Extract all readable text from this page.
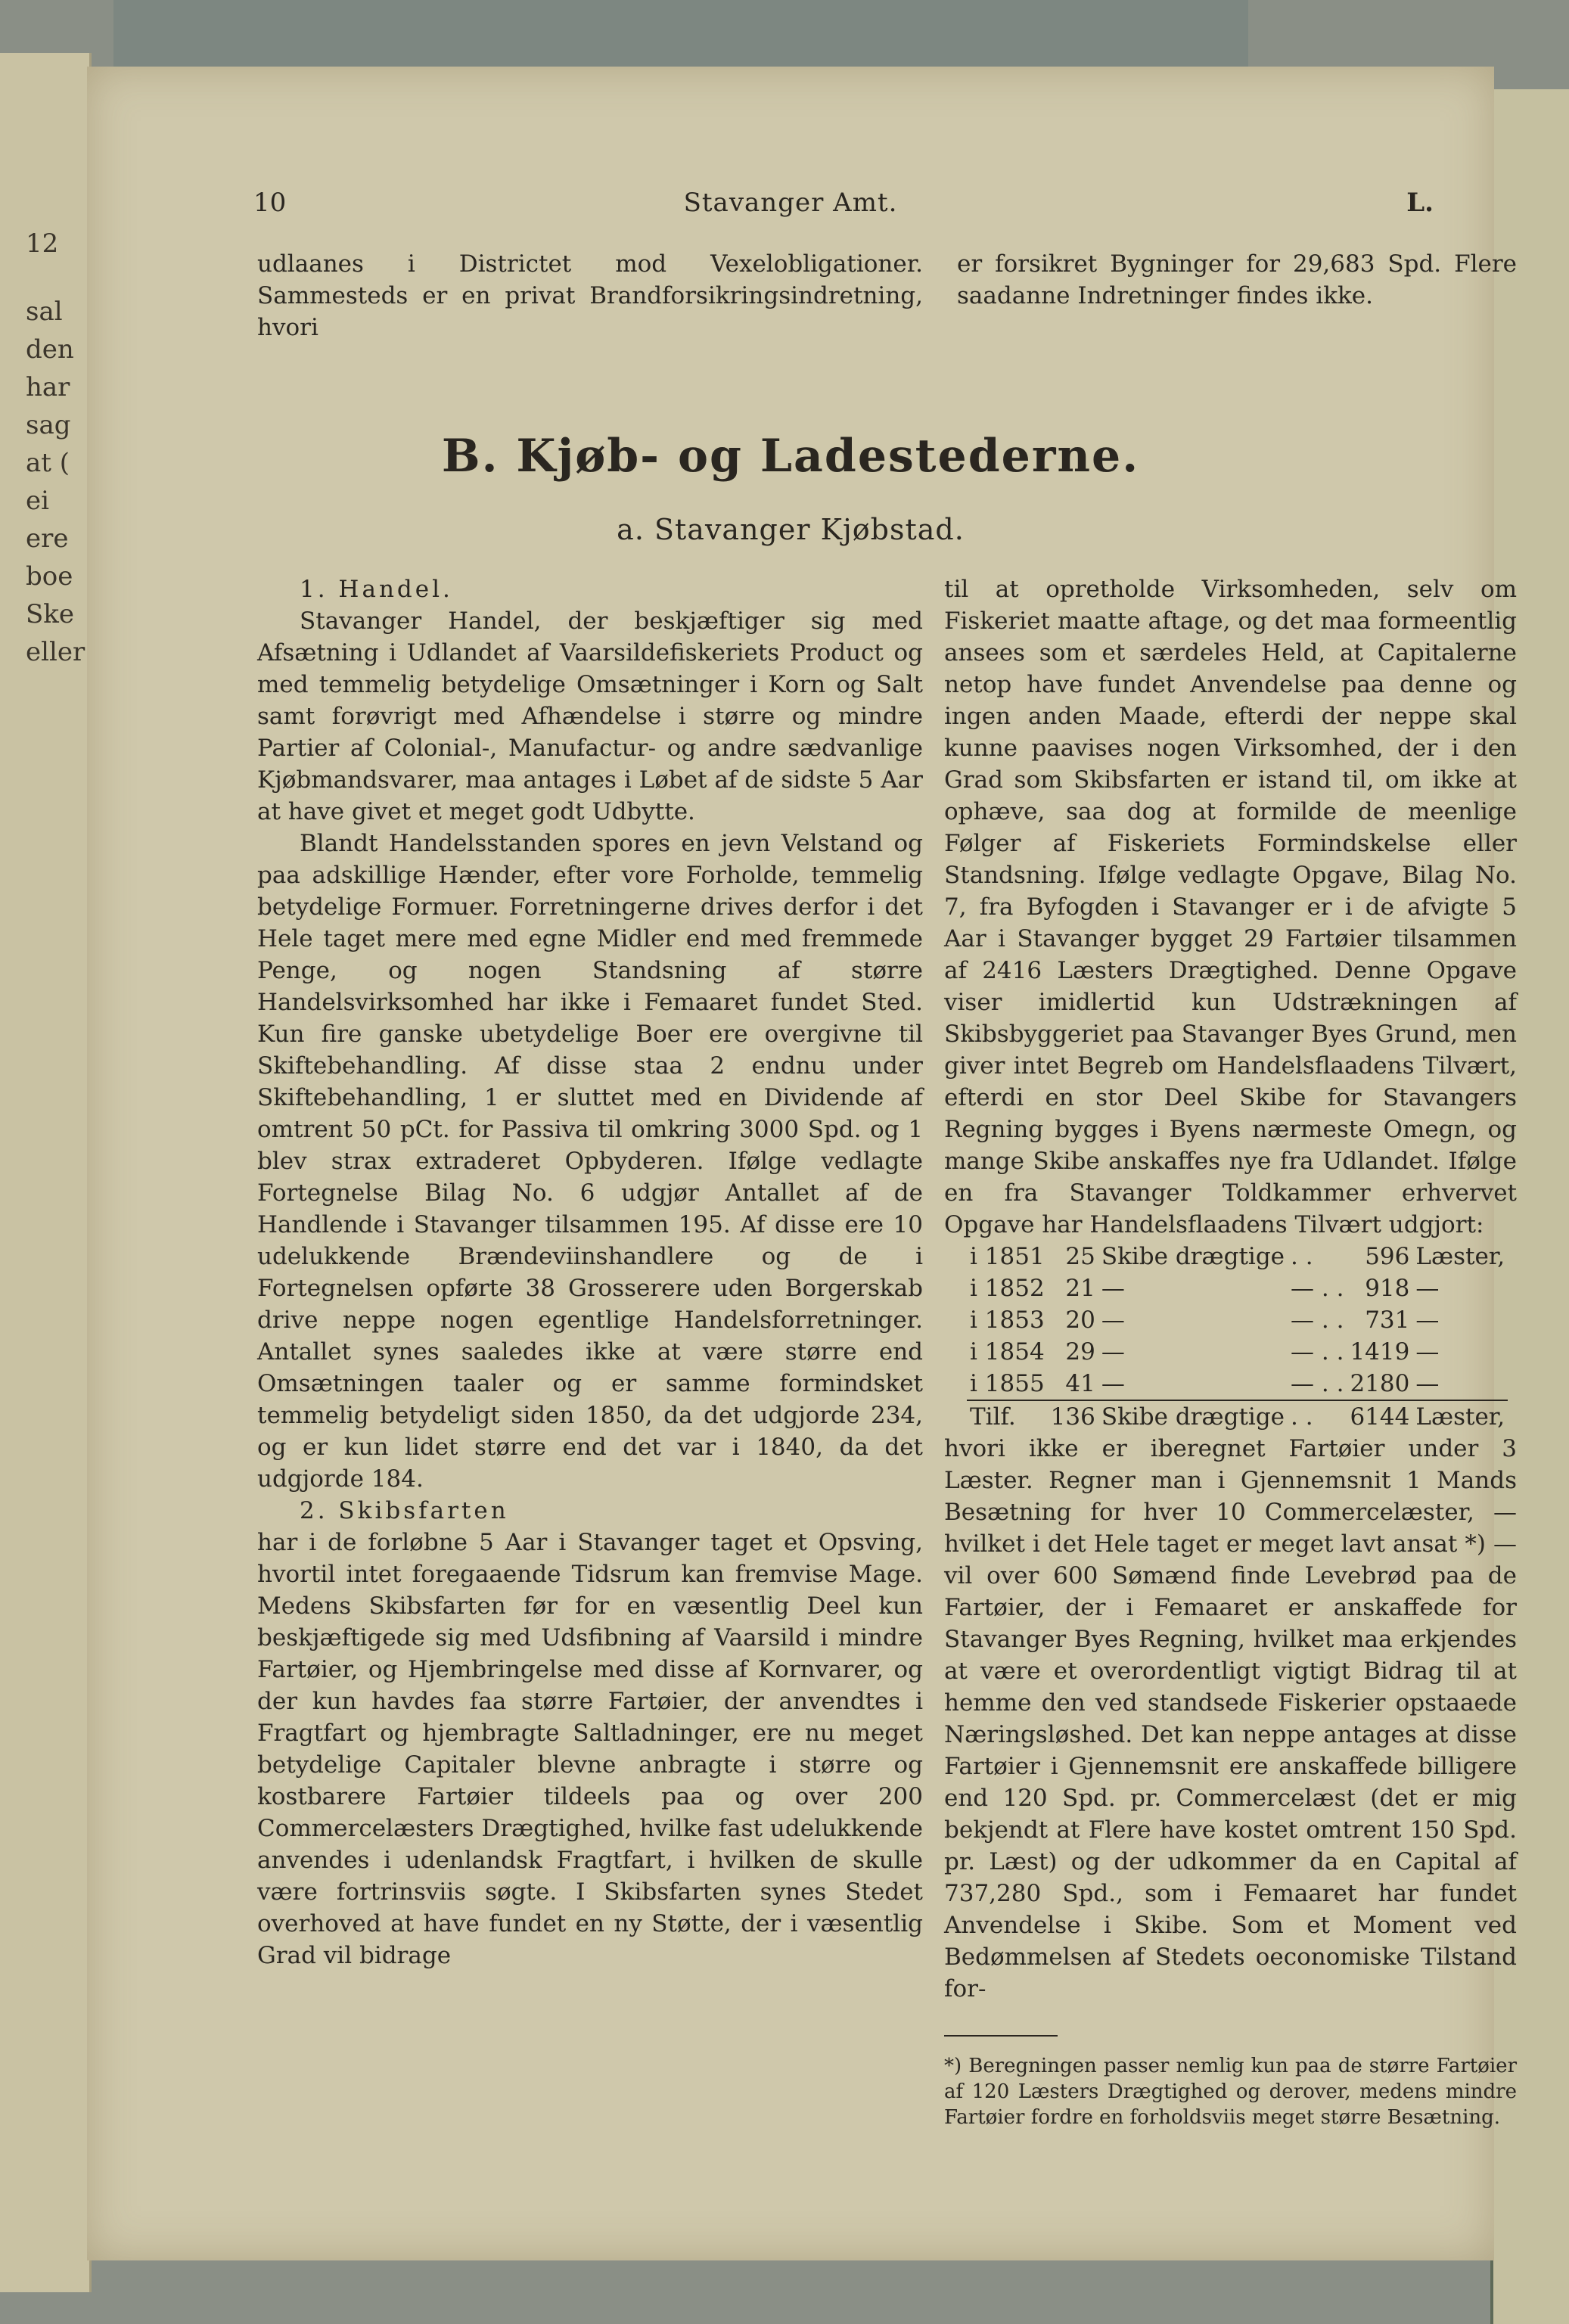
12
sal
den
har
sag
at (
ei
ere
boe
Ske
eller
10	Stavanger Amt.	L.

udlaanes i Districtet mod Vexelobligationer. Sammesteds er en privat Brandforsikringsindretning, hvori

er forsikret Bygninger for 29,683 Spd. Flere saadanne Indretninger findes ikke.

B. Kjøb- og Ladestederne.
a. Stavanger Kjøbstad.

1. Handel.

Stavanger Handel, der beskjæftiger sig med Afsætning i Udlandet af Vaarsildefiskeriets Product og med temmelig betydelige Omsætninger i Korn og Salt samt forøvrigt med Afhændelse i større og mindre Partier af Colonial-, Manufactur- og andre sædvanlige Kjøbmandsvarer, maa antages i Løbet af de sidste 5 Aar at have givet et meget godt Udbytte.

Blandt Handelsstanden spores en jevn Velstand og paa adskillige Hænder, efter vore Forholde, temmelig betydelige Formuer. Forretningerne drives derfor i det Hele taget mere med egne Midler end med fremmede Penge, og nogen Standsning af større Handelsvirksomhed har ikke i Femaaret fundet Sted. Kun fire ganske ubetydelige Boer ere overgivne til Skiftebehandling. Af disse staa 2 endnu under Skiftebehandling, 1 er sluttet med en Dividende af omtrent 50 pCt. for Passiva til omkring 3000 Spd. og 1 blev strax extraderet Opbyderen. Ifølge vedlagte Fortegnelse Bilag No. 6 udgjør Antallet af de Handlende i Stavanger tilsammen 195. Af disse ere 10 udelukkende Brændeviinshandlere og de i Fortegnelsen opførte 38 Grosserere uden Borgerskab drive neppe nogen egentlige Handelsforretninger. Antallet synes saaledes ikke at være større end Omsætningen taaler og er samme formindsket temmelig betydeligt siden 1850, da det udgjorde 234, og er kun lidet større end det var i 1840, da det udgjorde 184.

2. Skibsfarten

har i de forløbne 5 Aar i Stavanger taget et Opsving, hvortil intet foregaaende Tidsrum kan fremvise Mage. Medens Skibsfarten før for en væsentlig Deel kun beskjæftigede sig med Udsfibning af Vaarsild i mindre Fartøier, og Hjembringelse med disse af Kornvarer, og der kun havdes faa større Fartøier, der anvendtes i Fragtfart og hjembragte Saltladninger, ere nu meget betydelige Capitaler blevne anbragte i større og kostbarere Fartøier tildeels paa og over 200 Commercelæsters Drægtighed, hvilke fast udelukkende anvendes i udenlandsk Fragtfart, i hvilken de skulle være fortrinsviis søgte. I Skibsfarten synes Stedet overhoved at have fundet en ny Støtte, der i væsentlig Grad vil bidrage

til at opretholde Virksomheden, selv om Fiskeriet maatte aftage, og det maa formeentlig ansees som et særdeles Held, at Capitalerne netop have fundet Anvendelse paa denne og ingen anden Maade, efterdi der neppe skal kunne paavises nogen Virksomhed, der i den Grad som Skibsfarten er istand til, om ikke at ophæve, saa dog at formilde de meenlige Følger af Fiskeriets Formindskelse eller Standsning. Ifølge vedlagte Opgave, Bilag No. 7, fra Byfogden i Stavanger er i de afvigte 5 Aar i Stavanger bygget 29 Fartøier tilsammen af 2416 Læsters Drægtighed. Denne Opgave viser imidlertid kun Udstrækningen af Skibsbyggeriet paa Stavanger Byes Grund, men giver intet Begreb om Handelsflaadens Tilvært, efterdi en stor Deel Skibe for Stavangers Regning bygges i Byens nærmeste Omegn, og mange Skibe anskaffes nye fra Udlandet. Ifølge en fra Stavanger Toldkammer erhvervet Opgave har Handelsflaadens Tilvært udgjort:

i 1851	25	Skibe drægtige	. .	596	Læster,
i 1852	21	—	— . .	918	—
i 1853	20	—	— . .	731	—
i 1854	29	—	— . .	1419	—
i 1855	41	—	— . .	2180	—
Tilf.	136	Skibe drægtige	. .	6144	Læster,

hvori ikke er iberegnet Fartøier under 3 Læster. Regner man i Gjennemsnit 1 Mands Besætning for hver 10 Commercelæster, — hvilket i det Hele taget er meget lavt ansat *) — vil over 600 Sømænd finde Levebrød paa de Fartøier, der i Femaaret er anskaffede for Stavanger Byes Regning, hvilket maa erkjendes at være et overordentligt vigtigt Bidrag til at hemme den ved standsede Fiskerier opstaaede Næringsløshed. Det kan neppe antages at disse Fartøier i Gjennemsnit ere anskaffede billigere end 120 Spd. pr. Commercelæst (det er mig bekjendt at Flere have kostet omtrent 150 Spd. pr. Læst) og der udkommer da en Capital af 737,280 Spd., som i Femaaret har fundet Anvendelse i Skibe. Som et Moment ved Bedømmelsen af Stedets oeconomiske Tilstand for-

*) Beregningen passer nemlig kun paa de større Fartøier af 120 Læsters Drægtighed og derover, medens mindre Fartøier fordre en forholdsviis meget større Besætning.
